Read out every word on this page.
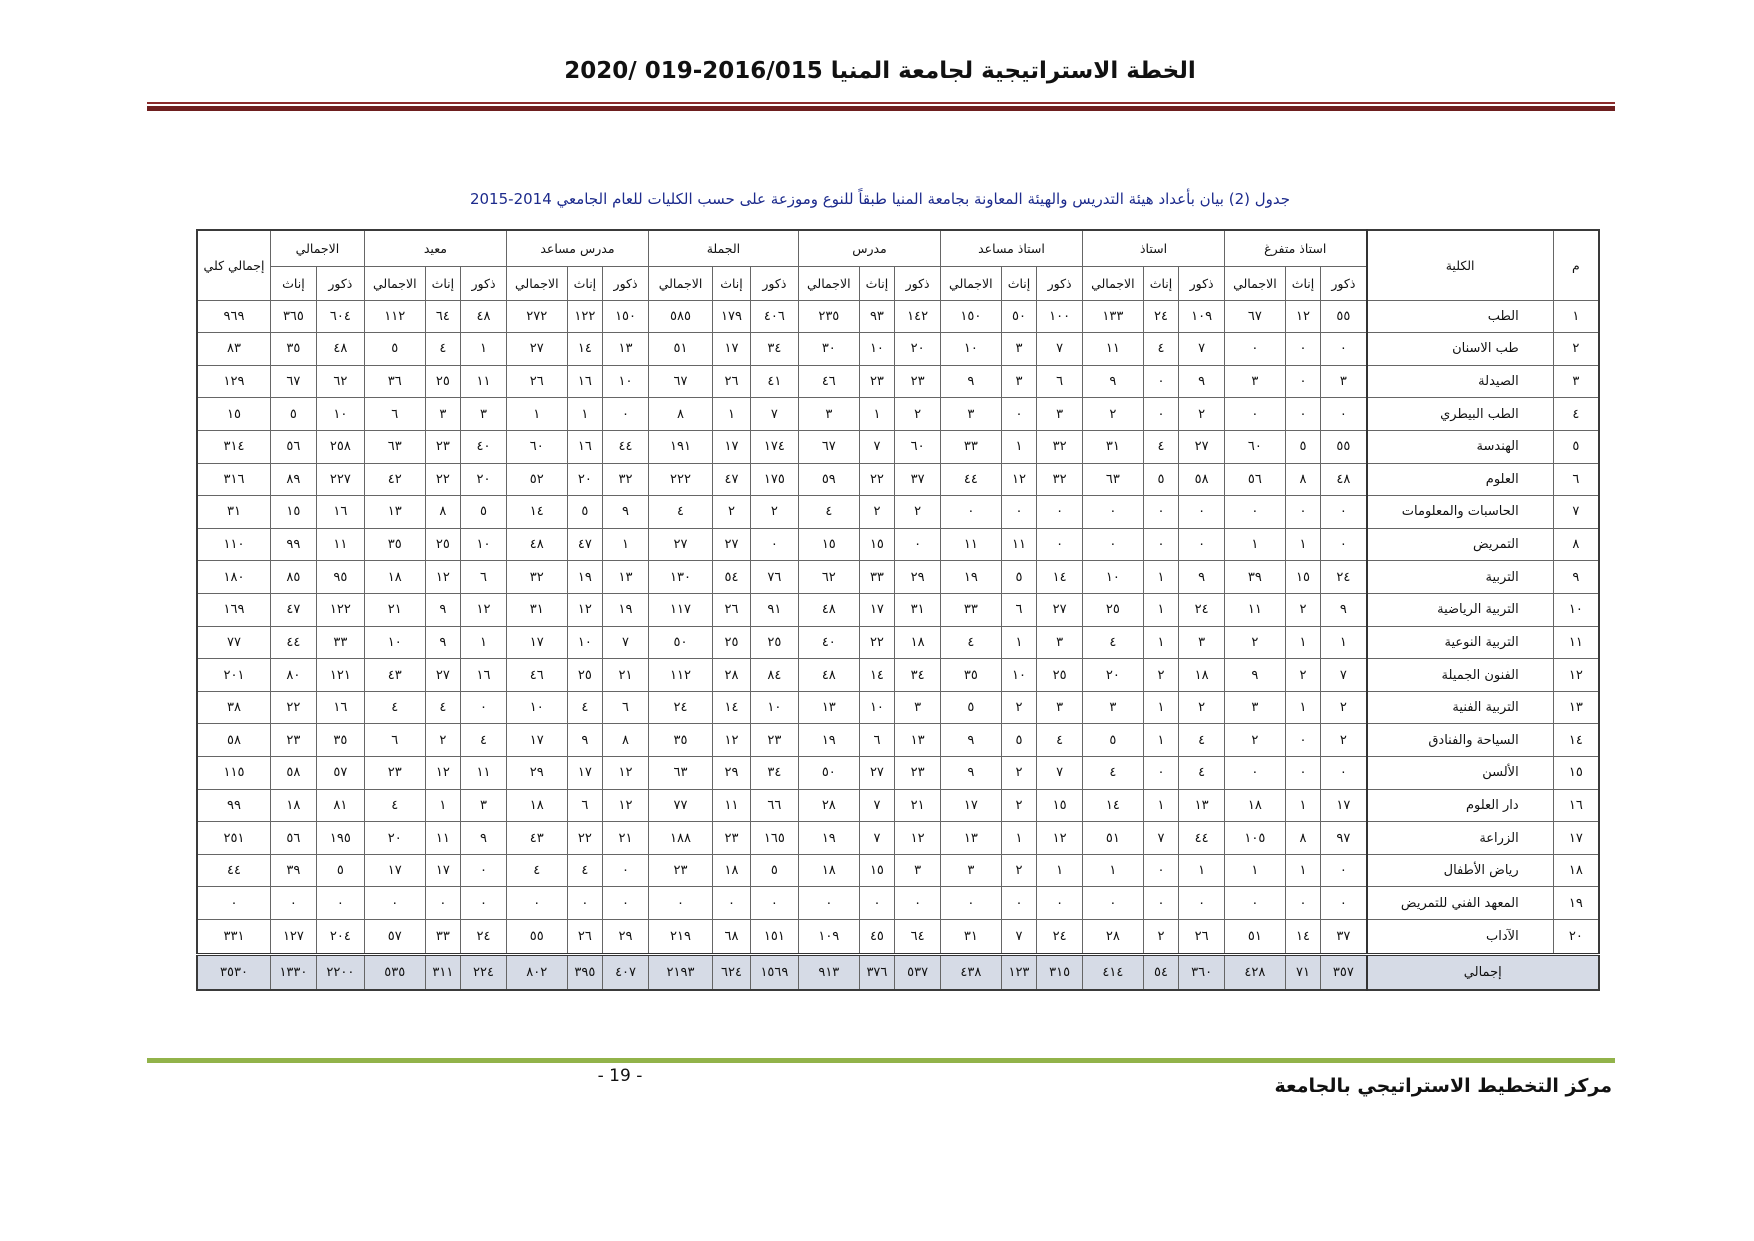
الخطة الاستراتيجية لجامعة المنيا 2016/015-019 /2020
جدول (2) بيان بأعداد هيئة التدريس والهيئة المعاونة بجامعة المنيا طبقاً للنوع وموزعة على حسب الكليات للعام الجامعي 2014-2015
م	الكلية	استاذ متفرغ			استاذ			استاذ مساعد			مدرس			الجملة			مدرس مساعد			معيد			الاجمالي		إجمالي كلي
		ذكور	إناث	الاجمالي	ذكور	إناث	الاجمالي	ذكور	إناث	الاجمالي	ذكور	إناث	الاجمالي	ذكور	إناث	الاجمالي	ذكور	إناث	الاجمالي	ذكور	إناث	الاجمالي	ذكور	إناث	
١	الطب	٥٥	١٢	٦٧	١٠٩	٢٤	١٣٣	١٠٠	٥٠	١٥٠	١٤٢	٩٣	٢٣٥	٤٠٦	١٧٩	٥٨٥	١٥٠	١٢٢	٢٧٢	٤٨	٦٤	١١٢	٦٠٤	٣٦٥	٩٦٩
٢	طب الاسنان	٠	٠	٠	٧	٤	١١	٧	٣	١٠	٢٠	١٠	٣٠	٣٤	١٧	٥١	١٣	١٤	٢٧	١	٤	٥	٤٨	٣٥	٨٣
٣	الصيدلة	٣	٠	٣	٩	٠	٩	٦	٣	٩	٢٣	٢٣	٤٦	٤١	٢٦	٦٧	١٠	١٦	٢٦	١١	٢٥	٣٦	٦٢	٦٧	١٢٩
٤	الطب البيطري	٠	٠	٠	٢	٠	٢	٣	٠	٣	٢	١	٣	٧	١	٨	٠	١	١	٣	٣	٦	١٠	٥	١٥
٥	الهندسة	٥٥	٥	٦٠	٢٧	٤	٣١	٣٢	١	٣٣	٦٠	٧	٦٧	١٧٤	١٧	١٩١	٤٤	١٦	٦٠	٤٠	٢٣	٦٣	٢٥٨	٥٦	٣١٤
٦	العلوم	٤٨	٨	٥٦	٥٨	٥	٦٣	٣٢	١٢	٤٤	٣٧	٢٢	٥٩	١٧٥	٤٧	٢٢٢	٣٢	٢٠	٥٢	٢٠	٢٢	٤٢	٢٢٧	٨٩	٣١٦
٧	الحاسبات والمعلومات	٠	٠	٠	٠	٠	٠	٠	٠	٠	٢	٢	٤	٢	٢	٤	٩	٥	١٤	٥	٨	١٣	١٦	١٥	٣١
٨	التمريض	٠	١	١	٠	٠	٠	٠	١١	١١	٠	١٥	١٥	٠	٢٧	٢٧	١	٤٧	٤٨	١٠	٢٥	٣٥	١١	٩٩	١١٠
٩	التربية	٢٤	١٥	٣٩	٩	١	١٠	١٤	٥	١٩	٢٩	٣٣	٦٢	٧٦	٥٤	١٣٠	١٣	١٩	٣٢	٦	١٢	١٨	٩٥	٨٥	١٨٠
١٠	التربية الرياضية	٩	٢	١١	٢٤	١	٢٥	٢٧	٦	٣٣	٣١	١٧	٤٨	٩١	٢٦	١١٧	١٩	١٢	٣١	١٢	٩	٢١	١٢٢	٤٧	١٦٩
١١	التربية النوعية	١	١	٢	٣	١	٤	٣	١	٤	١٨	٢٢	٤٠	٢٥	٢٥	٥٠	٧	١٠	١٧	١	٩	١٠	٣٣	٤٤	٧٧
١٢	الفنون الجميلة	٧	٢	٩	١٨	٢	٢٠	٢٥	١٠	٣٥	٣٤	١٤	٤٨	٨٤	٢٨	١١٢	٢١	٢٥	٤٦	١٦	٢٧	٤٣	١٢١	٨٠	٢٠١
١٣	التربية الفنية	٢	١	٣	٢	١	٣	٣	٢	٥	٣	١٠	١٣	١٠	١٤	٢٤	٦	٤	١٠	٠	٤	٤	١٦	٢٢	٣٨
١٤	السياحة والفنادق	٢	٠	٢	٤	١	٥	٤	٥	٩	١٣	٦	١٩	٢٣	١٢	٣٥	٨	٩	١٧	٤	٢	٦	٣٥	٢٣	٥٨
١٥	الألسن	٠	٠	٠	٤	٠	٤	٧	٢	٩	٢٣	٢٧	٥٠	٣٤	٢٩	٦٣	١٢	١٧	٢٩	١١	١٢	٢٣	٥٧	٥٨	١١٥
١٦	دار العلوم	١٧	١	١٨	١٣	١	١٤	١٥	٢	١٧	٢١	٧	٢٨	٦٦	١١	٧٧	١٢	٦	١٨	٣	١	٤	٨١	١٨	٩٩
١٧	الزراعة	٩٧	٨	١٠٥	٤٤	٧	٥١	١٢	١	١٣	١٢	٧	١٩	١٦٥	٢٣	١٨٨	٢١	٢٢	٤٣	٩	١١	٢٠	١٩٥	٥٦	٢٥١
١٨	رياض الأطفال	٠	١	١	١	٠	١	١	٢	٣	٣	١٥	١٨	٥	١٨	٢٣	٠	٤	٤	٠	١٧	١٧	٥	٣٩	٤٤
١٩	المعهد الفني للتمريض	٠	٠	٠	٠	٠	٠	٠	٠	٠	٠	٠	٠	٠	٠	٠	٠	٠	٠	٠	٠	٠	٠	٠	٠
٢٠	الآداب	٣٧	١٤	٥١	٢٦	٢	٢٨	٢٤	٧	٣١	٦٤	٤٥	١٠٩	١٥١	٦٨	٢١٩	٢٩	٢٦	٥٥	٢٤	٣٣	٥٧	٢٠٤	١٢٧	٣٣١
إجمالي		٣٥٧	٧١	٤٢٨	٣٦٠	٥٤	٤١٤	٣١٥	١٢٣	٤٣٨	٥٣٧	٣٧٦	٩١٣	١٥٦٩	٦٢٤	٢١٩٣	٤٠٧	٣٩٥	٨٠٢	٢٢٤	٣١١	٥٣٥	٢٢٠٠	١٣٣٠	٣٥٣٠
- 19 -	مركز التخطيط الاستراتيجي بالجامعة
